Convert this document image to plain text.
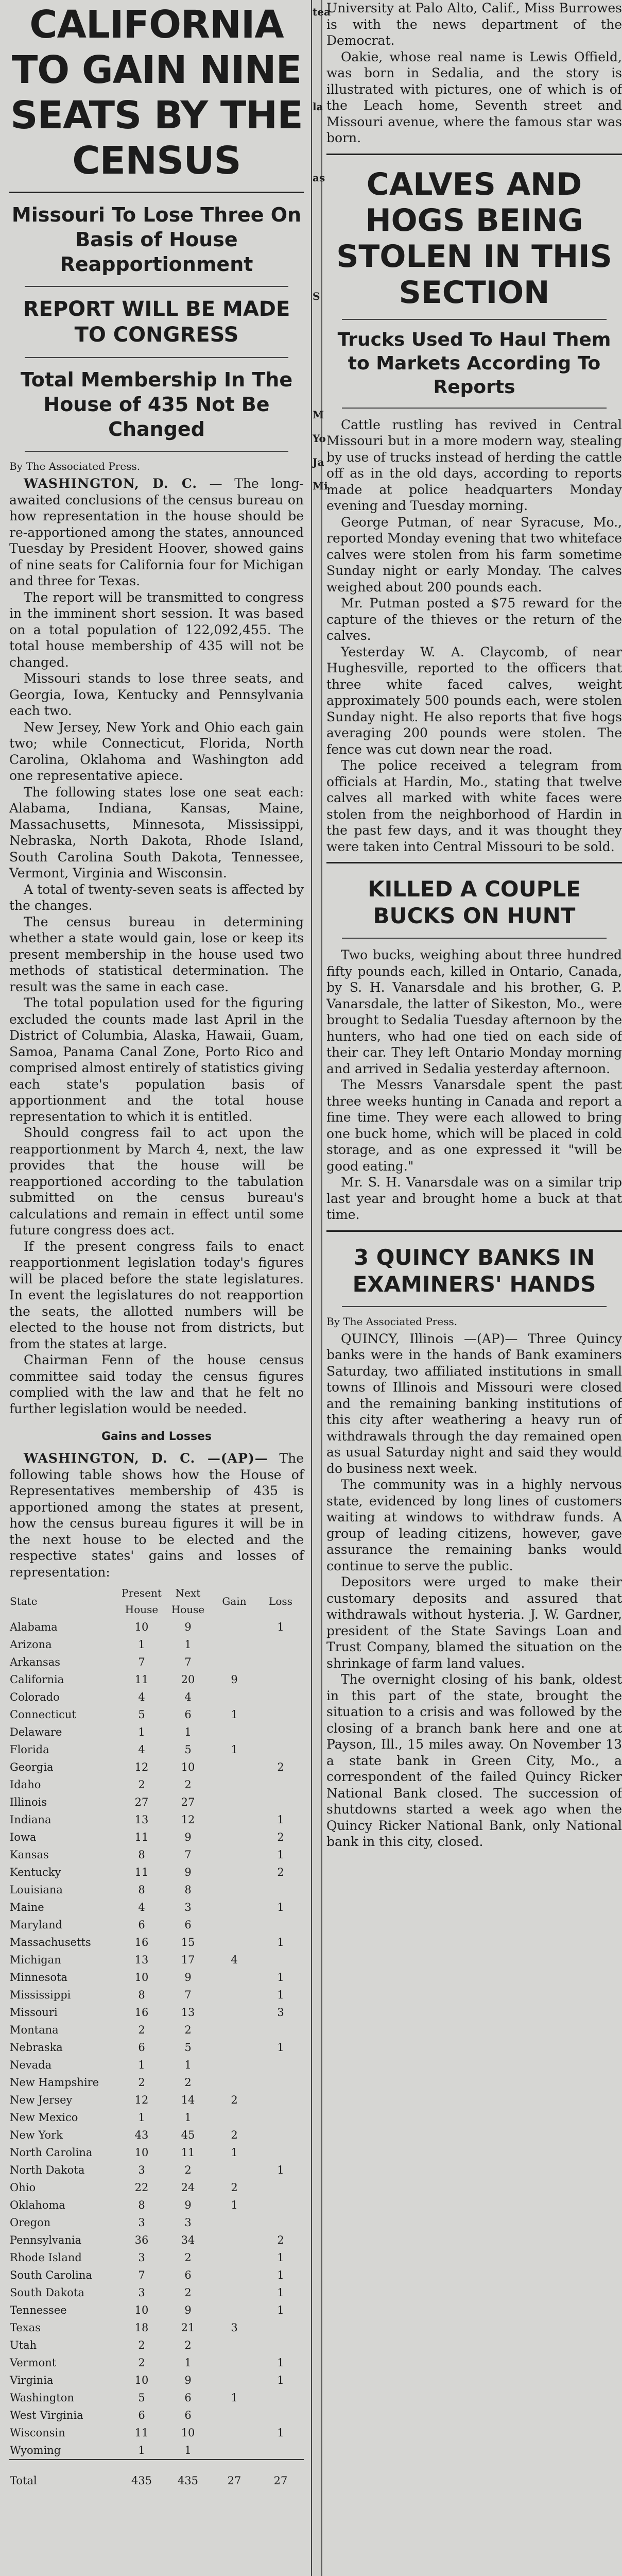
CALIFORNIA TO GAIN NINE SEATS BY THE CENSUS
Missouri To Lose Three On Basis of House Reapportionment
REPORT WILL BE MADE TO CONGRESS
Total Membership In The House of 435 Not Be Changed
By The Associated Press.

WASHINGTON, D. C. — The long-awaited conclusions of the census bureau on how representation in the house should be re-apportioned among the states, announced Tuesday by President Hoover, showed gains of nine seats for California four for Michigan and three for Texas.

The report will be transmitted to congress in the imminent short session. It was based on a total population of 122,092,455. The total house membership of 435 will not be changed.

Missouri stands to lose three seats, and Georgia, Iowa, Kentucky and Pennsylvania each two.

New Jersey, New York and Ohio each gain two; while Connecticut, Florida, North Carolina, Oklahoma and Washington add one representative apiece.

The following states lose one seat each: Alabama, Indiana, Kansas, Maine, Massachusetts, Minnesota, Mississippi, Nebraska, North Dakota, Rhode Island, South Carolina South Dakota, Tennessee, Vermont, Virginia and Wisconsin.

A total of twenty-seven seats is affected by the changes.

The census bureau in determining whether a state would gain, lose or keep its present membership in the house used two methods of statistical determination. The result was the same in each case.

The total population used for the figuring excluded the counts made last April in the District of Columbia, Alaska, Hawaii, Guam, Samoa, Panama Canal Zone, Porto Rico and comprised almost entirely of statistics giving each state's population basis of apportionment and the total house representation to which it is entitled.

Should congress fail to act upon the reapportionment by March 4, next, the law provides that the house will be reapportioned according to the tabulation submitted on the census bureau's calculations and remain in effect until some future congress does act.

If the present congress fails to enact reapportionment legislation today's figures will be placed before the state legislatures. In event the legislatures do not reapportion the seats, the allotted numbers will be elected to the house not from districts, but from the states at large.

Chairman Fenn of the house census committee said today the census figures complied with the law and that he felt no further legislation would be needed.

Gains and Losses

WASHINGTON, D. C. —(AP)— The following table shows how the House of Representatives membership of 435 is apportioned among the states at present, how the census bureau figures it will be in the next house to be elected and the respective states' gains and losses of representation:

State	Present House	Next House	Gain	Loss
Alabama	10	9		1
Arizona	1	1		
Arkansas	7	7		
California	11	20	9	
Colorado	4	4		
Connecticut	5	6	1	
Delaware	1	1		
Florida	4	5	1	
Georgia	12	10		2
Idaho	2	2		
Illinois	27	27		
Indiana	13	12		1
Iowa	11	9		2
Kansas	8	7		1
Kentucky	11	9		2
Louisiana	8	8		
Maine	4	3		1
Maryland	6	6		
Massachusetts	16	15		1
Michigan	13	17	4	
Minnesota	10	9		1
Mississippi	8	7		1
Missouri	16	13		3
Montana	2	2		
Nebraska	6	5		1
Nevada	1	1		
New Hampshire	2	2		
New Jersey	12	14	2	
New Mexico	1	1		
New York	43	45	2	
North Carolina	10	11	1	
North Dakota	3	2		1
Ohio	22	24	2	
Oklahoma	8	9	1	
Oregon	3	3		
Pennsylvania	36	34		2
Rhode Island	3	2		1
South Carolina	7	6		1
South Dakota	3	2		1
Tennessee	10	9		1
Texas	18	21	3	
Utah	2	2		
Vermont	2	1		1
Virginia	10	9		1
Washington	5	6	1	
West Virginia	6	6		
Wisconsin	11	10		1
Wyoming	1	1		
Total	435	435	27	27
tea

la

as

S

M
Yo
Ja
Mi

University at Palo Alto, Calif., Miss Burrowes is with the news department of the Democrat.

Oakie, whose real name is Lewis Offield, was born in Sedalia, and the story is illustrated with pictures, one of which is of the Leach home, Seventh street and Missouri avenue, where the famous star was born.

CALVES AND HOGS BEING STOLEN IN THIS SECTION
Trucks Used To Haul Them to Markets According To Reports

Cattle rustling has revived in Central Missouri but in a more modern way, stealing by use of trucks instead of herding the cattle off as in the old days, according to reports made at police headquarters Monday evening and Tuesday morning.

George Putman, of near Syracuse, Mo., reported Monday evening that two whiteface calves were stolen from his farm sometime Sunday night or early Monday. The calves weighed about 200 pounds each.

Mr. Putman posted a $75 reward for the capture of the thieves or the return of the calves.

Yesterday W. A. Claycomb, of near Hughesville, reported to the officers that three white faced calves, weight approximately 500 pounds each, were stolen Sunday night. He also reports that five hogs averaging 200 pounds were stolen. The fence was cut down near the road.

The police received a telegram from officials at Hardin, Mo., stating that twelve calves all marked with white faces were stolen from the neighborhood of Hardin in the past few days, and it was thought they were taken into Central Missouri to be sold.

KILLED A COUPLE BUCKS ON HUNT

Two bucks, weighing about three hundred fifty pounds each, killed in Ontario, Canada, by S. H. Vanarsdale and his brother, G. P. Vanarsdale, the latter of Sikeston, Mo., were brought to Sedalia Tuesday afternoon by the hunters, who had one tied on each side of their car. They left Ontario Monday morning and arrived in Sedalia yesterday afternoon.

The Messrs Vanarsdale spent the past three weeks hunting in Canada and report a fine time. They were each allowed to bring one buck home, which will be placed in cold storage, and as one expressed it "will be good eating."

Mr. S. H. Vanarsdale was on a similar trip last year and brought home a buck at that time.

3 QUINCY BANKS IN EXAMINERS' HANDS
By The Associated Press.

QUINCY, Illinois —(AP)— Three Quincy banks were in the hands of Bank examiners Saturday, two affiliated institutions in small towns of Illinois and Missouri were closed and the remaining banking institutions of this city after weathering a heavy run of withdrawals through the day remained open as usual Saturday night and said they would do business next week.

The community was in a highly nervous state, evidenced by long lines of customers waiting at windows to withdraw funds. A group of leading citizens, however, gave assurance the remaining banks would continue to serve the public.

Depositors were urged to make their customary deposits and assured that withdrawals without hysteria. J. W. Gardner, president of the State Savings Loan and Trust Company, blamed the situation on the shrinkage of farm land values.

The overnight closing of his bank, oldest in this part of the state, brought the situation to a crisis and was followed by the closing of a branch bank here and one at Payson, Ill., 15 miles away. On November 13 a state bank in Green City, Mo., a correspondent of the failed Quincy Ricker National Bank closed. The succession of shutdowns started a week ago when the Quincy Ricker National Bank, only National bank in this city, closed.
